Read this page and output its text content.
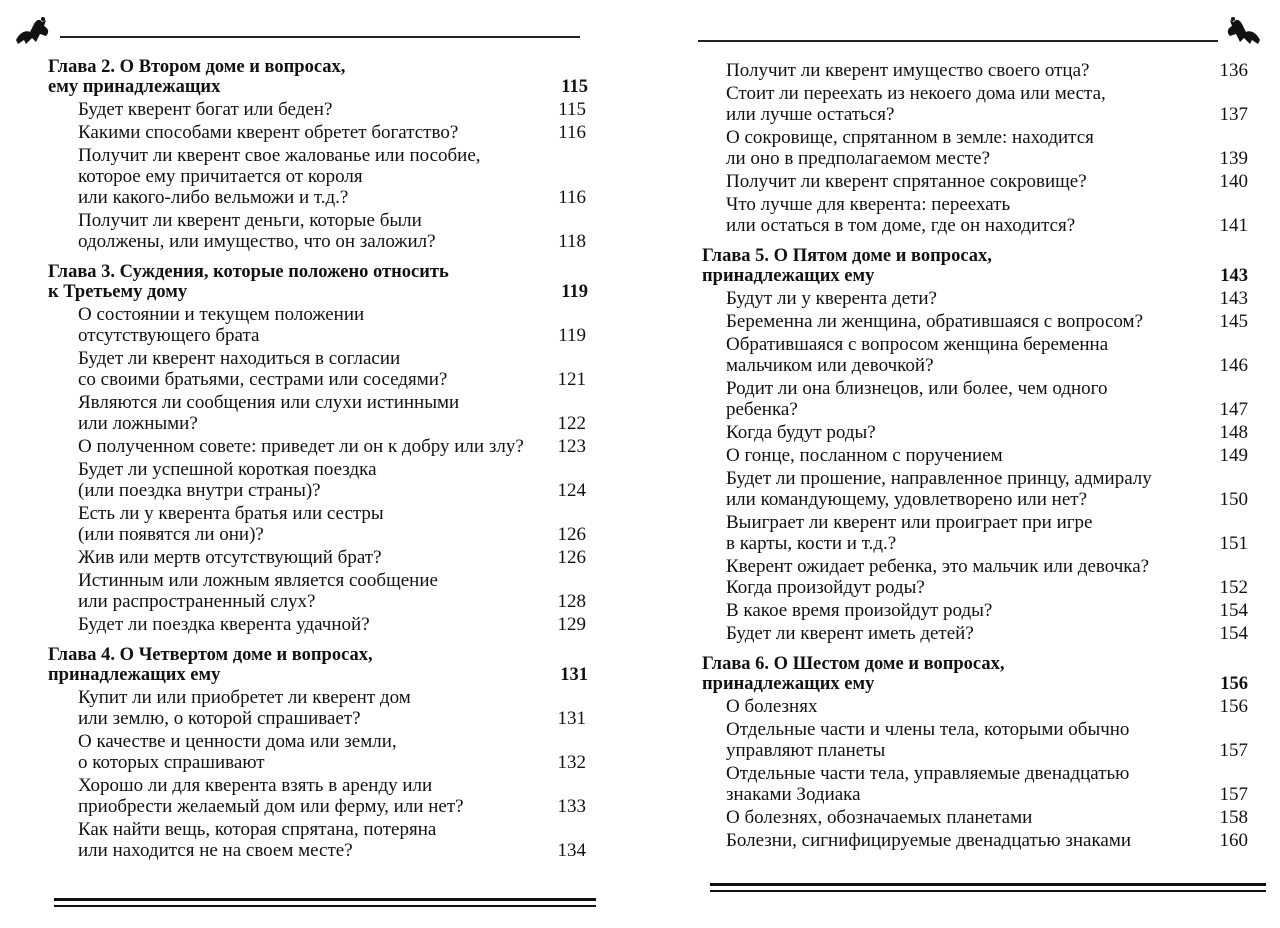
Глава 2. О Втором доме и вопросах,
ему принадлежащих	115
Будет кверент богат или беден?	115
Какими способами кверент обретет богатство?	116
Получит ли кверент свое жалованье или пособие,
которое ему причитается от короля
или какого-либо вельможи и т.д.?	116
Получит ли кверент деньги, которые были
одолжены, или имущество, что он заложил?	118
Глава 3. Суждения, которые положено относить
к Третьему дому	119
О состоянии и текущем положении
отсутствующего брата	119
Будет ли кверент находиться в согласии
со своими братьями, сестрами или соседями?	121
Являются ли сообщения или слухи истинными
или ложными?	122
О полученном совете: приведет ли он к добру или злу?	123
Будет ли успешной короткая поездка
(или поездка внутри страны)?	124
Есть ли у кверента братья или сестры
(или появятся ли они)?	126
Жив или мертв отсутствующий брат?	126
Истинным или ложным является сообщение
или распространенный слух?	128
Будет ли поездка кверента удачной?	129
Глава 4. О Четвертом доме и вопросах,
принадлежащих ему	131
Купит ли или приобретет ли кверент дом
или землю, о которой спрашивает?	131
О качестве и ценности дома или земли,
о которых спрашивают	132
Хорошо ли для кверента взять в аренду или
приобрести желаемый дом или ферму, или нет?	133
Как найти вещь, которая спрятана, потеряна
или находится не на своем месте?	134
Получит ли кверент имущество своего отца?	136
Стоит ли переехать из некоего дома или места,
или лучше остаться?	137
О сокровище, спрятанном в земле: находится
ли оно в предполагаемом месте?	139
Получит ли кверент спрятанное сокровище?	140
Что лучше для кверента: переехать
или остаться в том доме, где он находится?	141
Глава 5. О Пятом доме и вопросах,
принадлежащих ему	143
Будут ли у кверента дети?	143
Беременна ли женщина, обратившаяся с вопросом?	145
Обратившаяся с вопросом женщина беременна
мальчиком или девочкой?	146
Родит ли она близнецов, или более, чем одного
ребенка?	147
Когда будут роды?	148
О гонце, посланном с поручением	149
Будет ли прошение, направленное принцу, адмиралу
или командующему, удовлетворено или нет?	150
Выиграет ли кверент или проиграет при игре
в карты, кости и т.д.?	151
Кверент ожидает ребенка, это мальчик или девочка?
Когда произойдут роды?	152
В какое время произойдут роды?	154
Будет ли кверент иметь детей?	154
Глава 6. О Шестом доме и вопросах,
принадлежащих ему	156
О болезнях	156
Отдельные части и члены тела, которыми обычно
управляют планеты	157
Отдельные части тела, управляемые двенадцатью
знаками Зодиака	157
О болезнях, обозначаемых планетами	158
Болезни, сигнифицируемые двенадцатью знаками	160
